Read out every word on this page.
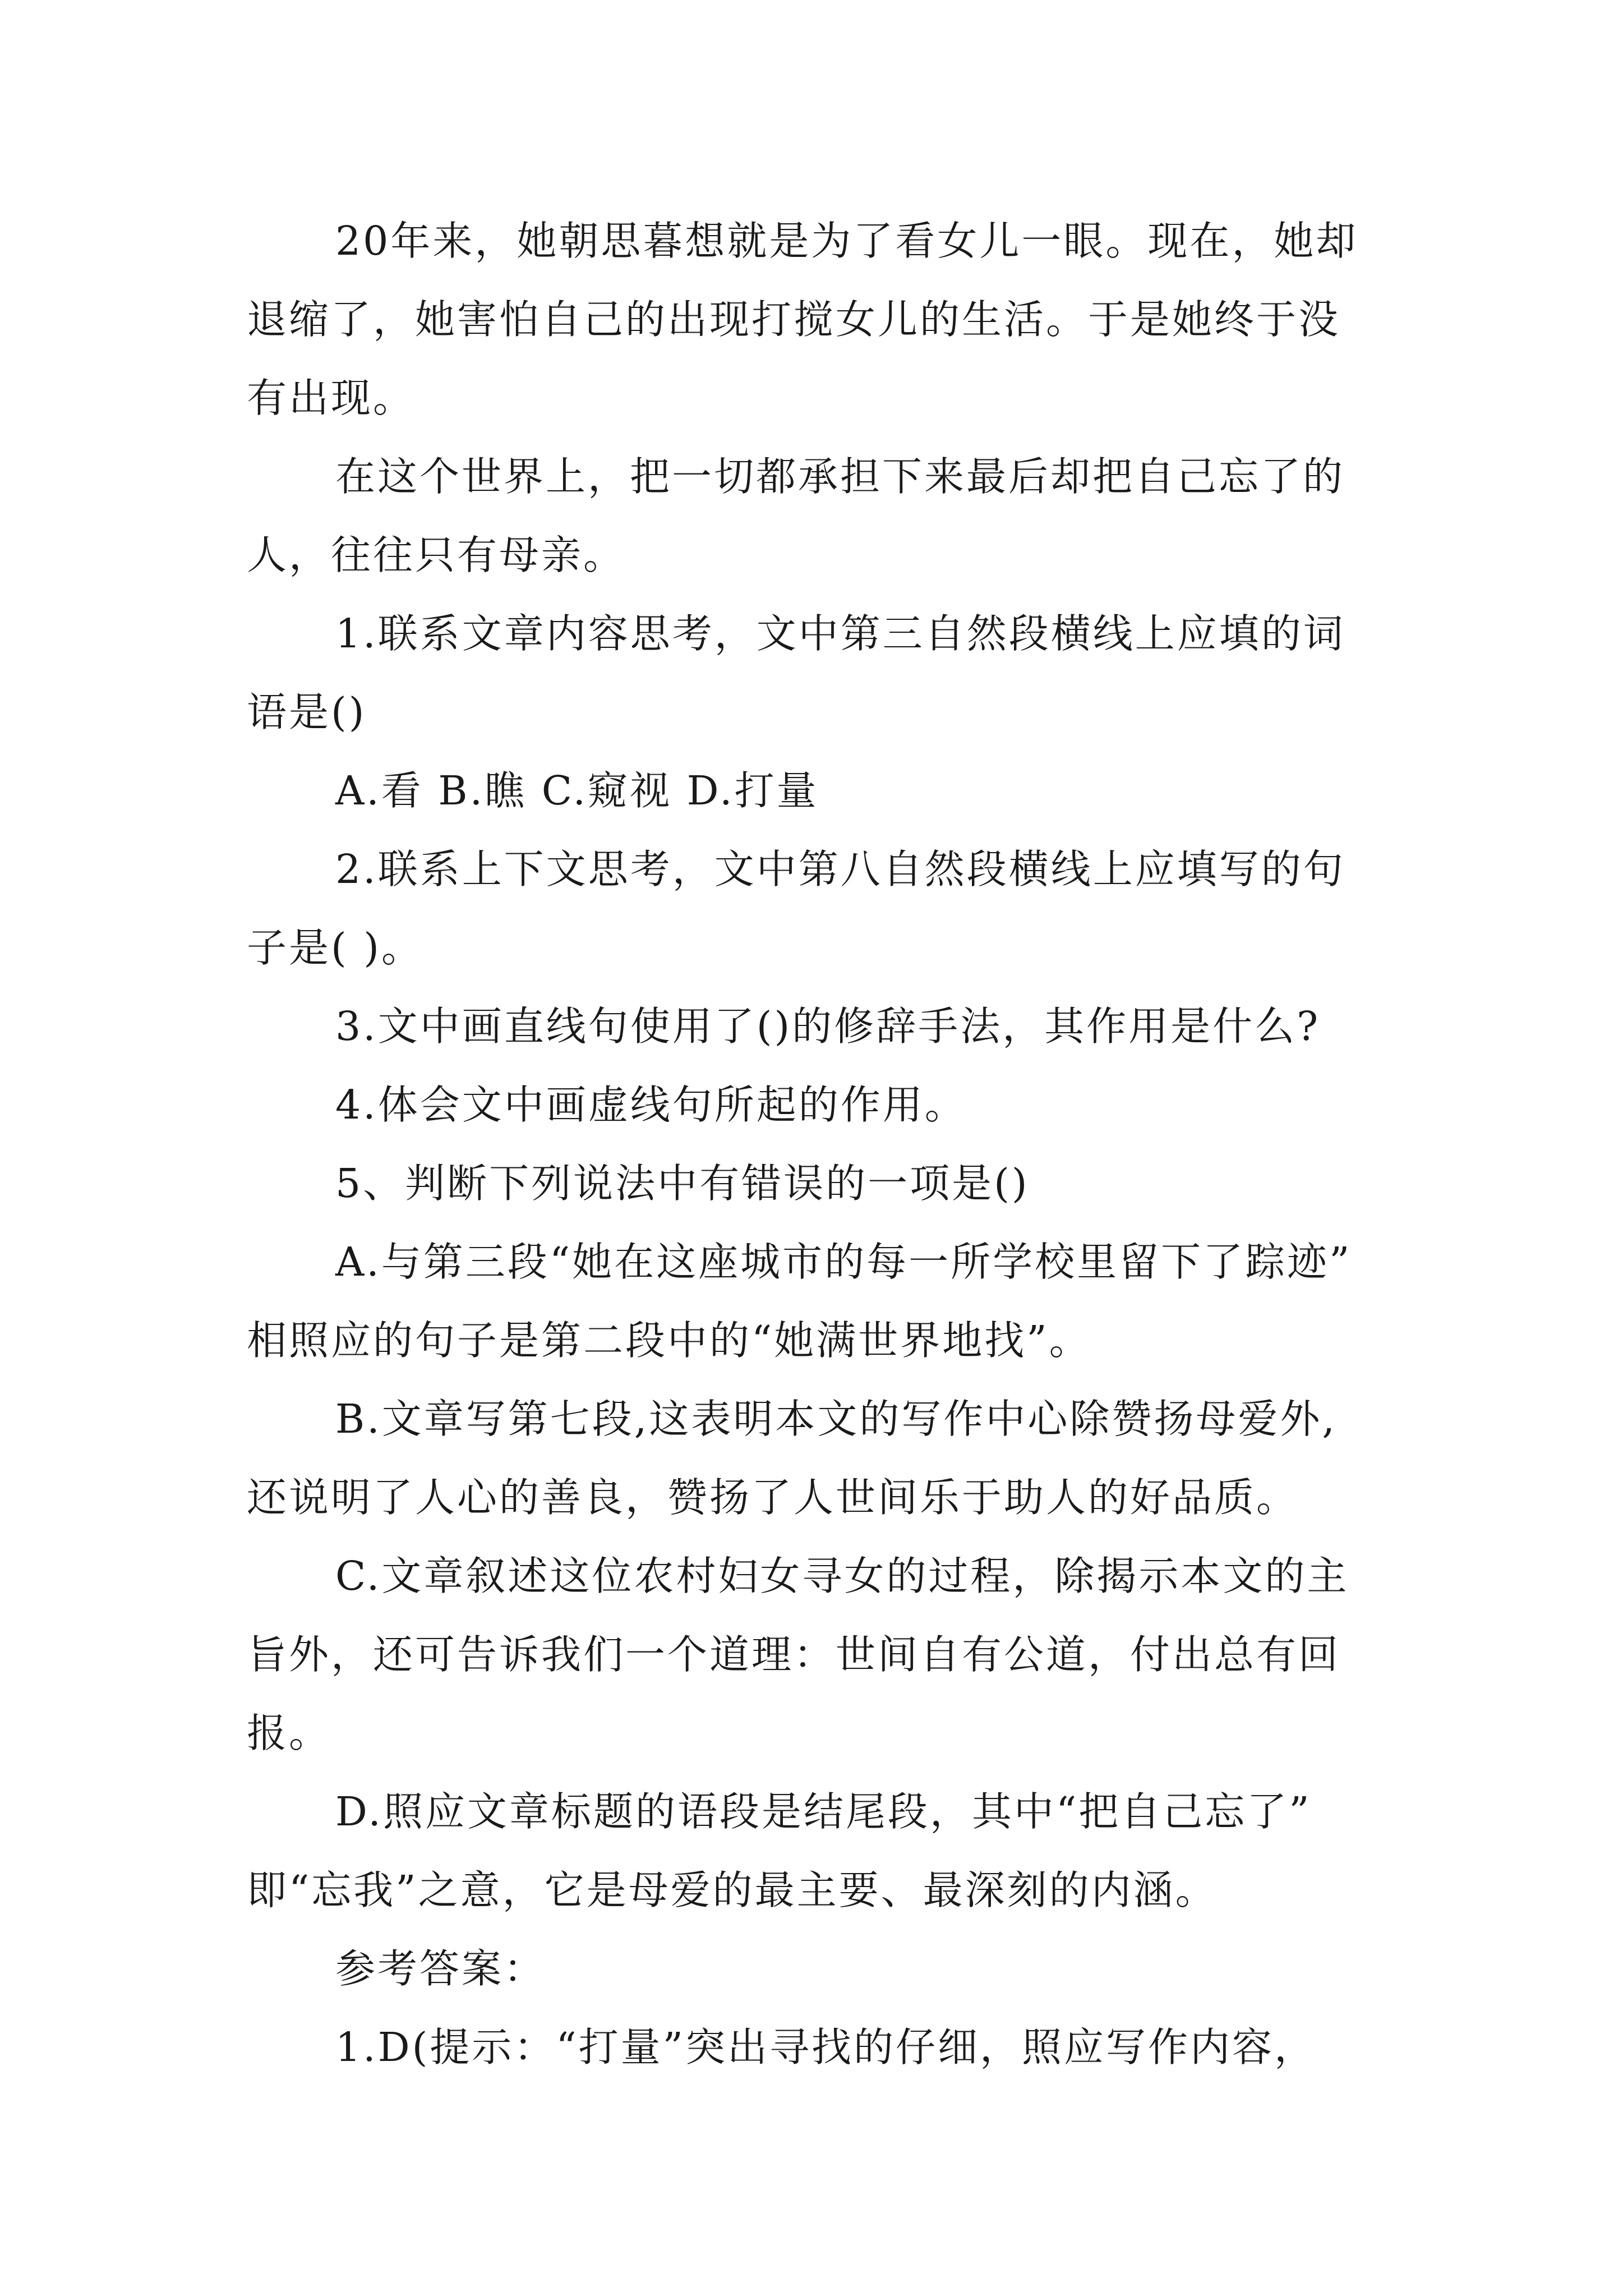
20年来，她朝思暮想就是为了看女儿一眼。现在，她却
退缩了，她害怕自己的出现打搅女儿的生活。于是她终于没
有出现。
在这个世界上，把一切都承担下来最后却把自己忘了的
人，往往只有母亲。
1.联系文章内容思考，文中第三自然段横线上应填的词
语是()
A.看 B.瞧 C.窥视 D.打量
2.联系上下文思考，文中第八自然段横线上应填写的句
子是( )。
3.文中画直线句使用了()的修辞手法，其作用是什么?
4.体会文中画虚线句所起的作用。
5、判断下列说法中有错误的一项是()
A.与第三段“她在这座城市的每一所学校里留下了踪迹”
相照应的句子是第二段中的“她满世界地找”。
B.文章写第七段,这表明本文的写作中心除赞扬母爱外,
还说明了人心的善良，赞扬了人世间乐于助人的好品质。
C.文章叙述这位农村妇女寻女的过程，除揭示本文的主
旨外，还可告诉我们一个道理：世间自有公道，付出总有回
报。
D.照应文章标题的语段是结尾段，其中“把自己忘了”
即“忘我”之意，它是母爱的最主要、最深刻的内涵。
参考答案：
1.D(提示：“打量”突出寻找的仔细，照应写作内容，
